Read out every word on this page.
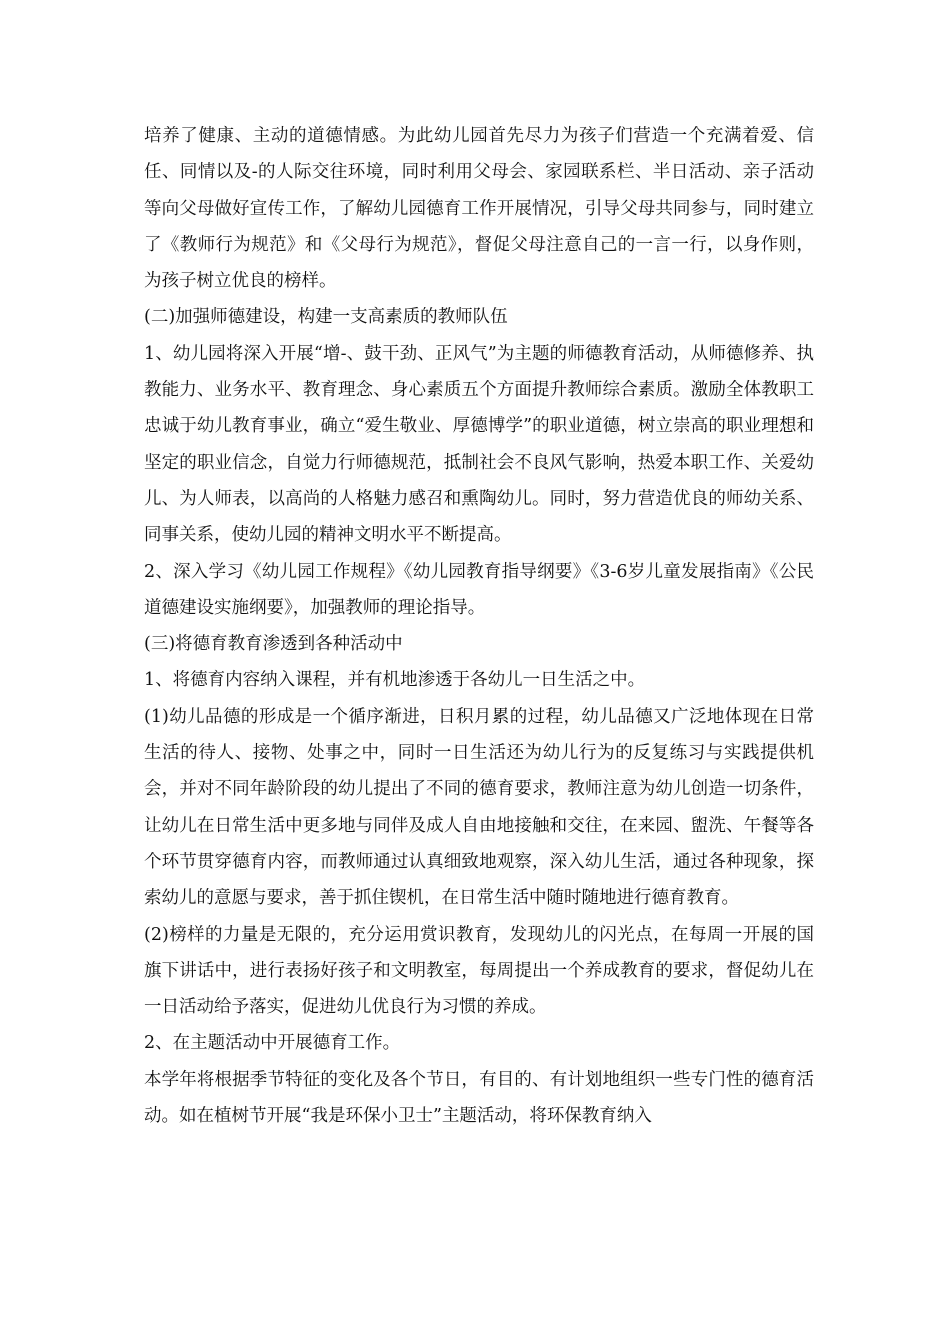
培养了健康、主动的道德情感。为此幼儿园首先尽力为孩子们营造一个充满着爱、信任、同情以及-的人际交往环境，同时利用父母会、家园联系栏、半日活动、亲子活动等向父母做好宣传工作，了解幼儿园德育工作开展情况，引导父母共同参与，同时建立了《教师行为规范》和《父母行为规范》，督促父母注意自己的一言一行，以身作则，为孩子树立优良的榜样。

(二)加强师德建设，构建一支高素质的教师队伍

1、幼儿园将深入开展“增-、鼓干劲、正风气”为主题的师德教育活动，从师德修养、执教能力、业务水平、教育理念、身心素质五个方面提升教师综合素质。激励全体教职工忠诚于幼儿教育事业，确立“爱生敬业、厚德博学”的职业道德，树立崇高的职业理想和坚定的职业信念，自觉力行师德规范，抵制社会不良风气影响，热爱本职工作、关爱幼儿、为人师表，以高尚的人格魅力感召和熏陶幼儿。同时，努力营造优良的师幼关系、同事关系，使幼儿园的精神文明水平不断提高。

2、深入学习《幼儿园工作规程》《幼儿园教育指导纲要》《3-6岁儿童发展指南》《公民道德建设实施纲要》，加强教师的理论指导。

(三)将德育教育渗透到各种活动中

1、将德育内容纳入课程，并有机地渗透于各幼儿一日生活之中。

(1)幼儿品德的形成是一个循序渐进，日积月累的过程，幼儿品德又广泛地体现在日常生活的待人、接物、处事之中，同时一日生活还为幼儿行为的反复练习与实践提供机会，并对不同年龄阶段的幼儿提出了不同的德育要求，教师注意为幼儿创造一切条件，让幼儿在日常生活中更多地与同伴及成人自由地接触和交往，在来园、盥洗、午餐等各个环节贯穿德育内容，而教师通过认真细致地观察，深入幼儿生活，通过各种现象，探索幼儿的意愿与要求，善于抓住锲机，在日常生活中随时随地进行德育教育。

(2)榜样的力量是无限的，充分运用赏识教育，发现幼儿的闪光点，在每周一开展的国旗下讲话中，进行表扬好孩子和文明教室，每周提出一个养成教育的要求，督促幼儿在一日活动给予落实，促进幼儿优良行为习惯的养成。

2、在主题活动中开展德育工作。

本学年将根据季节特征的变化及各个节日，有目的、有计划地组织一些专门性的德育活动。如在植树节开展“我是环保小卫士”主题活动，将环保教育纳入
